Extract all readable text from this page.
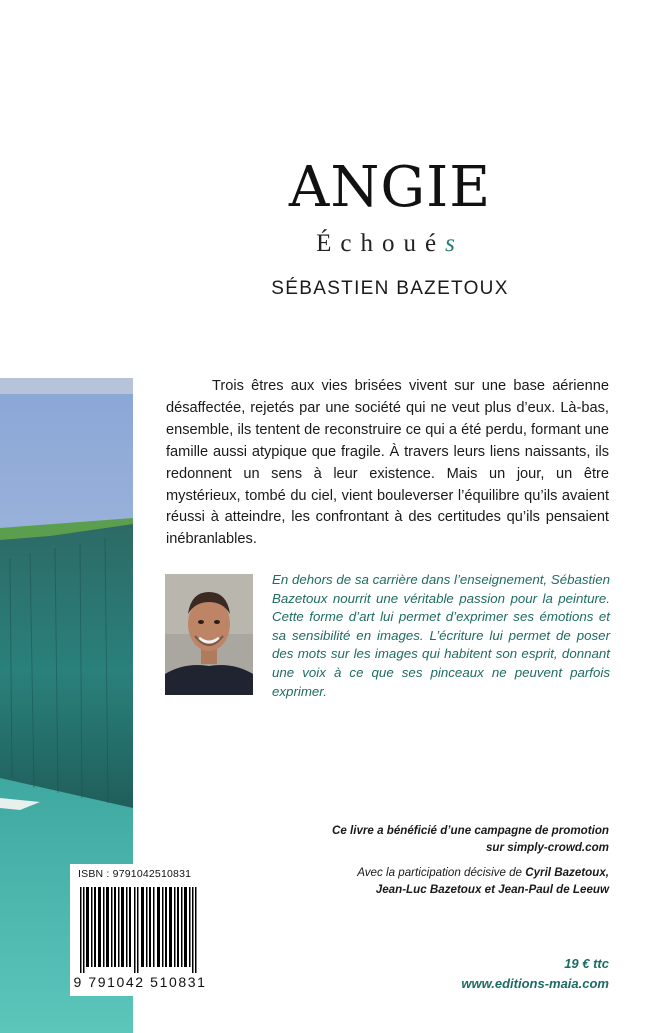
ANGIE
Échoués
SÉBASTIEN BAZETOUX

Trois êtres aux vies brisées vivent sur une base aérienne désaffectée, rejetés par une société qui ne veut plus d’eux. Là-bas, ensemble, ils tentent de reconstruire ce qui a été perdu, formant une famille aussi atypique que fragile. À travers leurs liens naissants, ils redonnent un sens à leur existence. Mais un jour, un être mystérieux, tombé du ciel, vient bouleverser l’équilibre qu’ils avaient réussi à atteindre, les confrontant à des certitudes qu’ils pensaient inébranlables.

En dehors de sa carrière dans l’enseignement, Sébastien Bazetoux nourrit une véritable passion pour la peinture. Cette forme d’art lui permet d’exprimer ses émotions et sa sensibilité en images. L’écriture lui permet de poser des mots sur les images qui habitent son esprit, donnant une voix à ce que ses pinceaux ne peuvent parfois exprimer.

Ce livre a bénéficié d’une campagne de promotion
sur simply-crowd.com

Avec la participation décisive de Cyril Bazetoux,
Jean-Luc Bazetoux et Jean-Paul de Leeuw

ISBN : 9791042510831
9 791042 510831
19 € ttc
www.editions-maia.com
